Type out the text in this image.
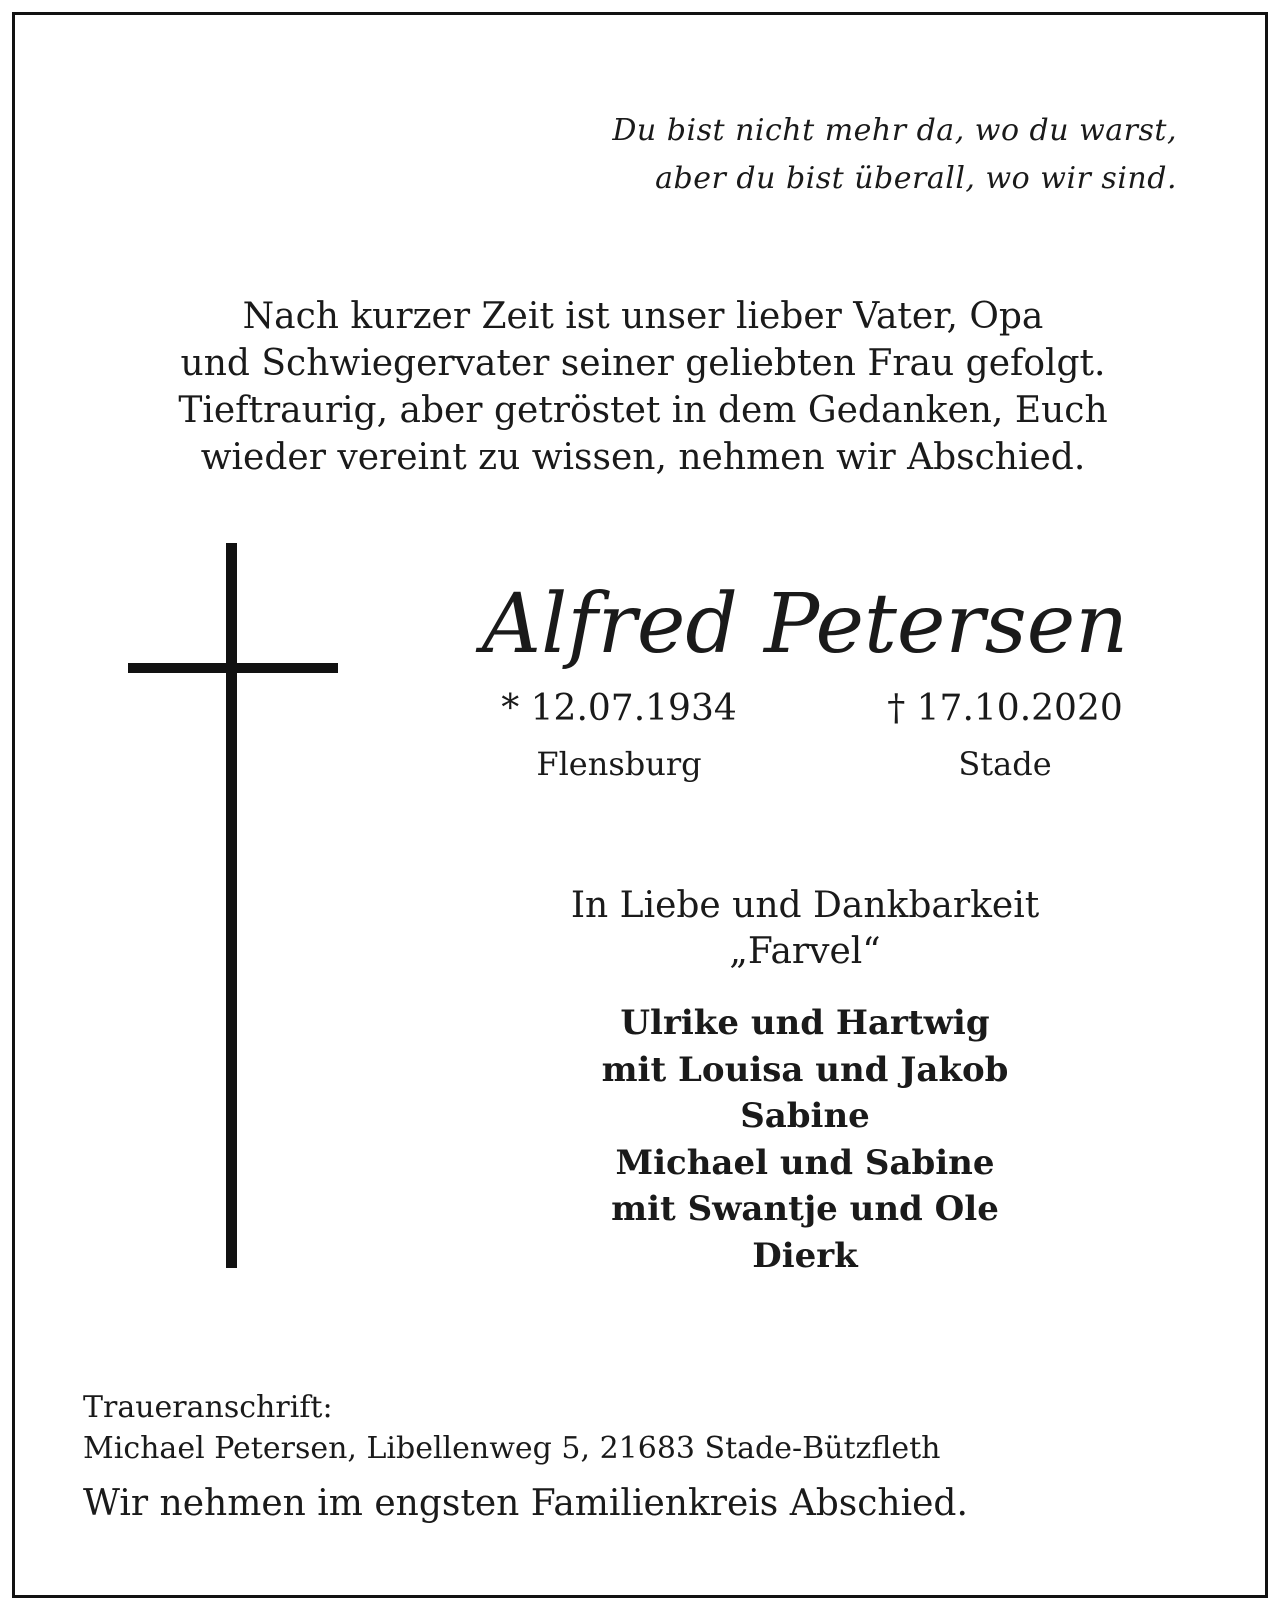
Du bist nicht mehr da, wo du warst,
aber du bist überall, wo wir sind.
Nach kurzer Zeit ist unser lieber Vater, Opa
und Schwiegervater seiner geliebten Frau gefolgt.
Tieftraurig, aber getröstet in dem Gedanken, Euch
wieder vereint zu wissen, nehmen wir Abschied.
Alfred Petersen
* 12.07.1934	† 17.10.2020
Flensburg	Stade
In Liebe und Dankbarkeit
„Farvel“
Ulrike und Hartwig
mit Louisa und Jakob
Sabine
Michael und Sabine
mit Swantje und Ole
Dierk
Traueranschrift:
Michael Petersen, Libellenweg 5, 21683 Stade-Bützfleth
Wir nehmen im engsten Familienkreis Abschied.
